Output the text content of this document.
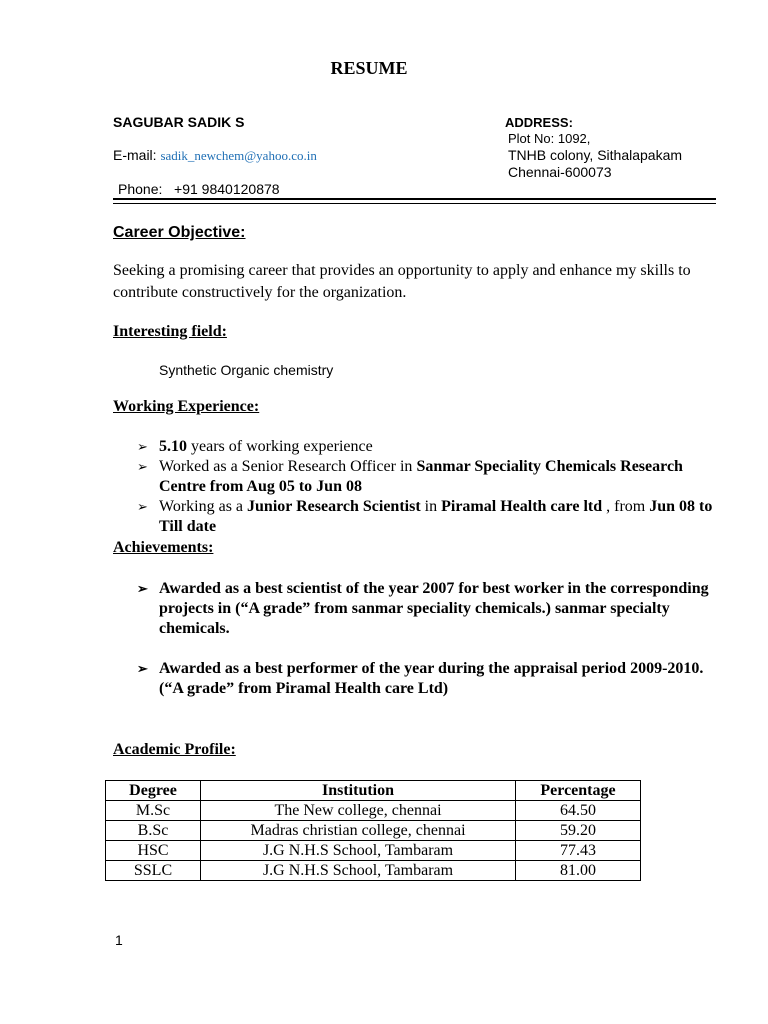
RESUME
SAGUBAR SADIK S
E-mail: sadik_newchem@yahoo.co.in
Phone: +91 9840120878
ADDRESS:
Plot No: 1092,
TNHB colony, Sithalapakam
Chennai-600073
Career Objective:
Seeking a promising career that provides an opportunity to apply and enhance my skills to contribute constructively for the organization.
Interesting field:
Synthetic Organic chemistry
Working Experience:
➢ 5.10 years of working experience
➢ Worked as a Senior Research Officer in Sanmar Speciality Chemicals Research Centre from Aug 05 to Jun 08
➢ Working as a Junior Research Scientist in Piramal Health care ltd , from Jun 08 to Till date
Achievements:
➢ Awarded as a best scientist of the year 2007 for best worker in the corresponding projects in (“A grade” from sanmar speciality chemicals.) sanmar specialty chemicals.
➢ Awarded as a best performer of the year during the appraisal period 2009-2010. (“A grade” from Piramal Health care Ltd)
Academic Profile:
Degree	Institution	Percentage
M.Sc	The New college, chennai	64.50
B.Sc	Madras christian college, chennai	59.20
HSC	J.G N.H.S School, Tambaram	77.43
SSLC	J.G N.H.S School, Tambaram	81.00
1
